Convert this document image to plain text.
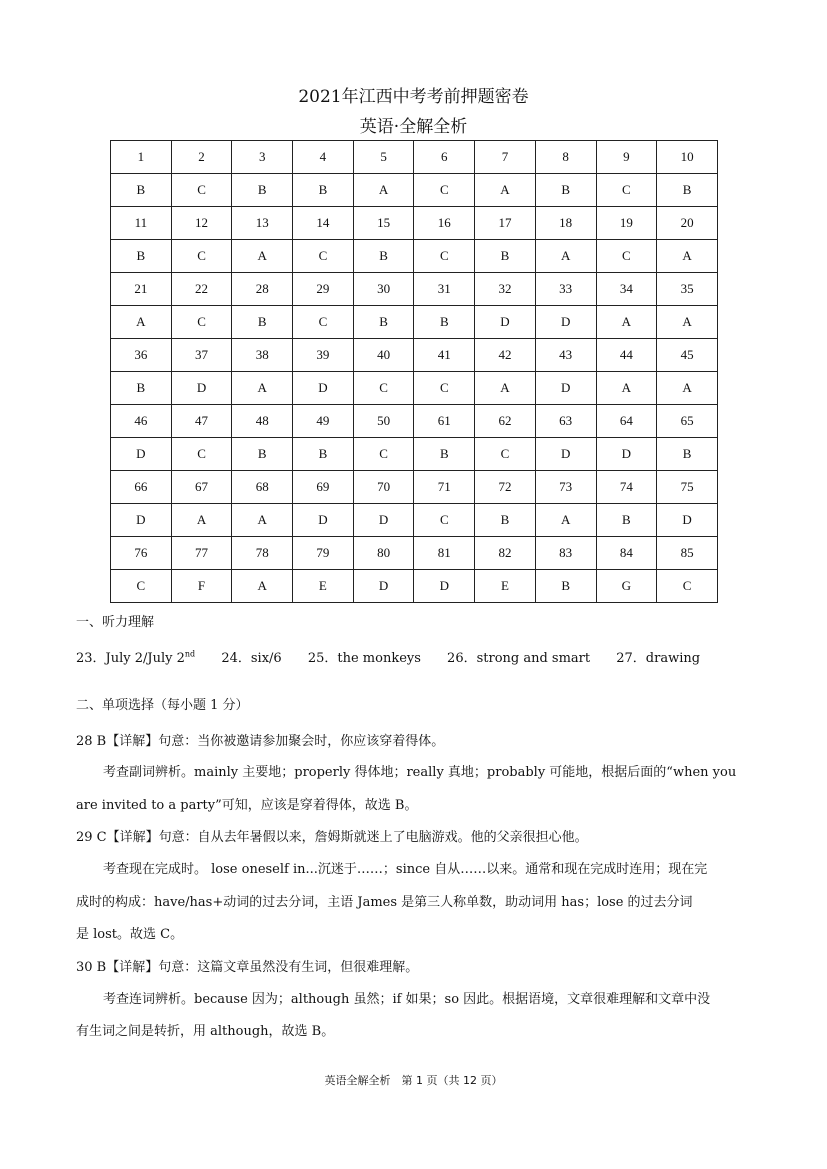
2021年江西中考考前押题密卷
英语·全解全析
1	2	3	4	5	6	7	8	9	10
B	C	B	B	A	C	A	B	C	B
11	12	13	14	15	16	17	18	19	20
B	C	A	C	B	C	B	A	C	A
21	22	28	29	30	31	32	33	34	35
A	C	B	C	B	B	D	D	A	A
36	37	38	39	40	41	42	43	44	45
B	D	A	D	C	C	A	D	A	A
46	47	48	49	50	61	62	63	64	65
D	C	B	B	C	B	C	D	D	B
66	67	68	69	70	71	72	73	74	75
D	A	A	D	D	C	B	A	B	D
76	77	78	79	80	81	82	83	84	85
C	F	A	E	D	D	E	B	G	C
一、听力理解
23．July 2/July 2nd 24．six/6 25．the monkeys 26．strong and smart 27．drawing
二、单项选择（每小题 1 分）
28 B【详解】句意：当你被邀请参加聚会时，你应该穿着得体。
考查副词辨析。mainly 主要地；properly 得体地；really 真地；probably 可能地，根据后面的“when you
are invited to a party”可知，应该是穿着得体，故选 B。
29 C【详解】句意：自从去年暑假以来，詹姆斯就迷上了电脑游戏。他的父亲很担心他。
考查现在完成时。 lose oneself in...沉迷于……；since 自从……以来。通常和现在完成时连用；现在完
成时的构成：have/has+动词的过去分词，主语 James 是第三人称单数，助动词用 has；lose 的过去分词
是 lost。故选 C。
30 B【详解】句意：这篇文章虽然没有生词，但很难理解。
考查连词辨析。because 因为；although 虽然；if 如果；so 因此。根据语境，文章很难理解和文章中没
有生词之间是转折，用 although，故选 B。
英语全解全析　第 1 页（共 12 页）
